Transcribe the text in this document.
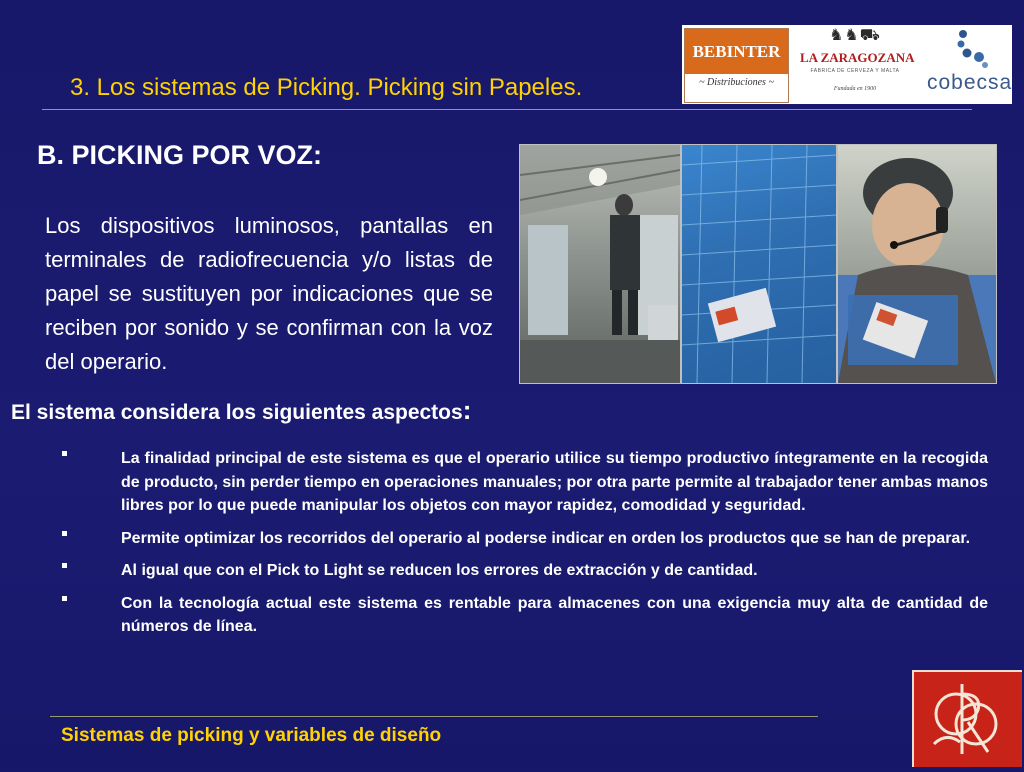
3. Los sistemas de Picking. Picking sin Papeles.
BEBINTER
~ Distribuciones ~
♞♞⛟
LA ZARAGOZANA
FABRICA DE CERVEZA Y MALTA
Fundada en 1900	cobecsa
B. PICKING POR VOZ:

Los dispositivos luminosos, pantallas en terminales de radiofrecuencia y/o listas de papel se sustituyen por indicaciones que se reciben por sonido y se confirman con la voz del operario.

El sistema considera los siguientes aspectos:
La finalidad principal de este sistema es que el operario utilice su tiempo productivo íntegramente en la recogida de producto, sin perder tiempo en operaciones manuales; por otra parte permite al trabajador tener ambas manos libres por lo que puede manipular los objetos con mayor rapidez, comodidad y seguridad.
Permite optimizar los recorridos del operario al poderse indicar en orden los productos que se han de preparar.
Al igual que con el Pick to Light se reducen los errores de extracción y de cantidad.
Con la tecnología actual este sistema es rentable para almacenes con una exigencia muy alta de cantidad de números de línea.
Sistemas de picking y variables de diseño
